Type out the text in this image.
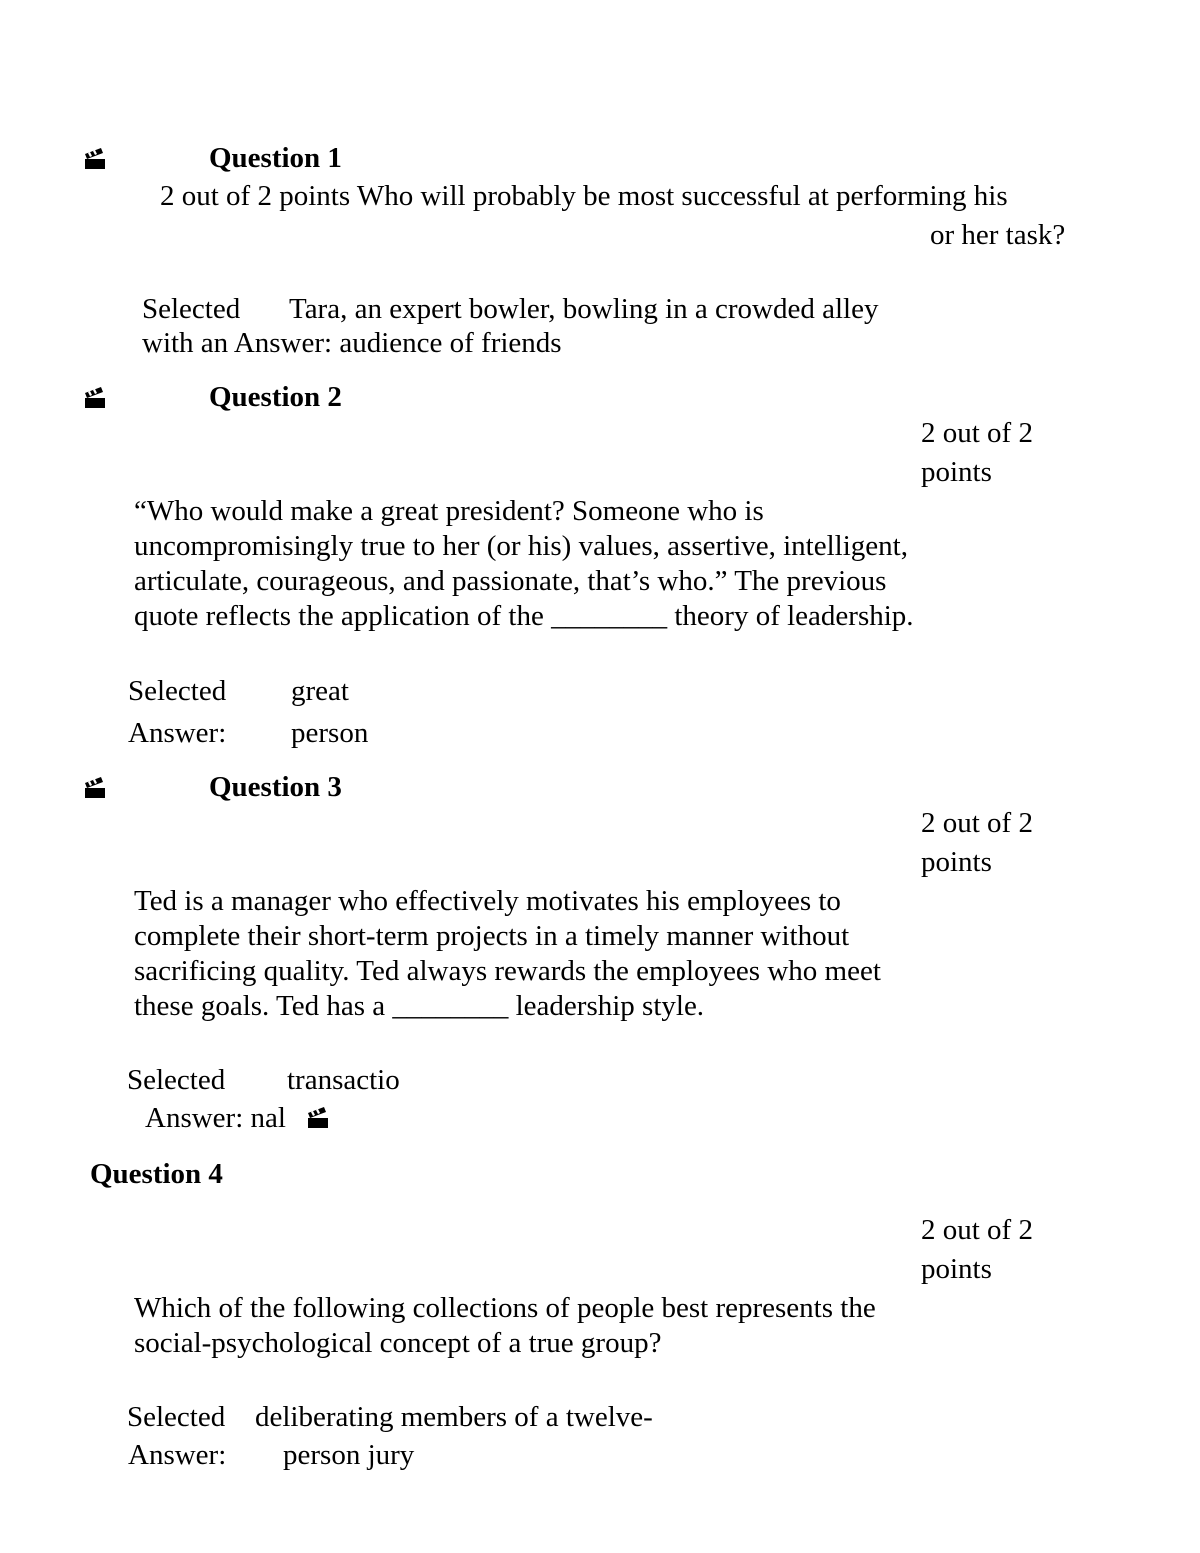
Question 1
2 out of 2 points Who will probably be most successful at performing his
or her task?
Selected Tara, an expert bowler, bowling in a crowded alley
with an Answer: audience of friends
Question 2
2 out of 2
points
“Who would make a great president? Someone who is
uncompromisingly true to her (or his) values, assertive, intelligent,
articulate, courageous, and passionate, that’s who.” The previous
quote reflects the application of the ________ theory of leadership.
Selected great
Answer: person
Question 3
2 out of 2
points
Ted is a manager who effectively motivates his employees to
complete their short-term projects in a timely manner without
sacrificing quality. Ted always rewards the employees who meet
these goals. Ted has a ________ leadership style.
Selected transactio
Answer: nal
Question 4
2 out of 2
points
Which of the following collections of people best represents the
social-psychological concept of a true group?
Selected deliberating members of a twelve-
Answer: person jury
